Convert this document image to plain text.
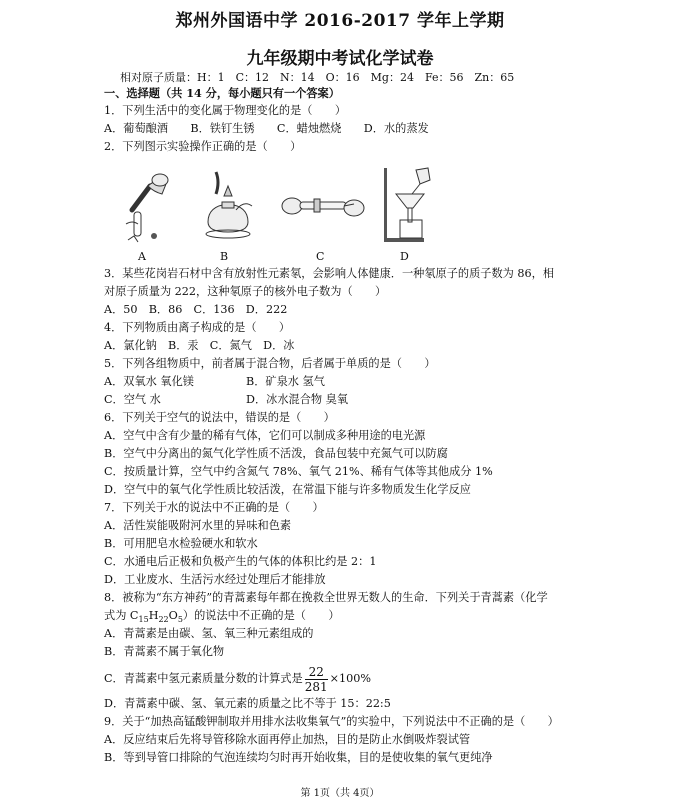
郑州外国语中学 2016-2017 学年上学期
九年级期中考试化学试卷
相对原子质量：H：1　C：12　N：14　O：16　Mg：24　Fe：56　Zn：65
一、选择题（共 14 分，每小题只有一个答案）
1．下列生活中的变化属于物理变化的是（　　）
A．葡萄酿酒　　B．铁钉生锈　　C．蜡烛燃烧　　D．水的蒸发
2．下列图示实验操作正确的是（　　）
A	B	C	D
3．某些花岗岩石材中含有放射性元素氡，会影响人体健康．一种氡原子的质子数为 86，相
对原子质量为 222，这种氡原子的核外电子数为（　　）
A．50　B．86　C．136　D．222
4．下列物质由离子构成的是（　　）
A．氯化钠　B．汞　C．氮气　D．冰
5．下列各组物质中，前者属于混合物，后者属于单质的是（　　）
A．双氧水 氧化镁	B．矿泉水 氢气
C．空气 水	D．冰水混合物 臭氧
6．下列关于空气的说法中，错误的是（　　）
A．空气中含有少量的稀有气体，它们可以制成多种用途的电光源
B．空气中分离出的氮气化学性质不活泼，食品包装中充氮气可以防腐
C．按质量计算，空气中约含氮气 78%、氧气 21%、稀有气体等其他成分 1%
D．空气中的氧气化学性质比较活泼，在常温下能与许多物质发生化学反应
7．下列关于水的说法中不正确的是（　　）
A．活性炭能吸附河水里的异味和色素
B．可用肥皂水检验硬水和软水
C．水通电后正极和负极产生的气体的体积比约是 2：1
D．工业废水、生活污水经过处理后才能排放
8．被称为“东方神药”的青蒿素每年都在挽救全世界无数人的生命．下列关于青蒿素（化学
式为 $C_{15}H_{22}O_5$）的说法中不正确的是（　　）
A．青蒿素是由碳、氢、氧三种元素组成的
B．青蒿素不属于氧化物
C．青蒿素中氢元素质量分数的计算式是 $\frac{22}{281} \times 100\%$
D．青蒿素中碳、氢、氧元素的质量之比不等于 15：22:5
9．关于“加热高锰酸钾制取并用排水法收集氧气”的实验中，下列说法中不正确的是（　　）
A．反应结束后先将导管移除水面再停止加热，目的是防止水倒吸炸裂试管
B．等到导管口排除的气泡连续均匀时再开始收集，目的是使收集的氧气更纯净
第 1页（共 4页）
